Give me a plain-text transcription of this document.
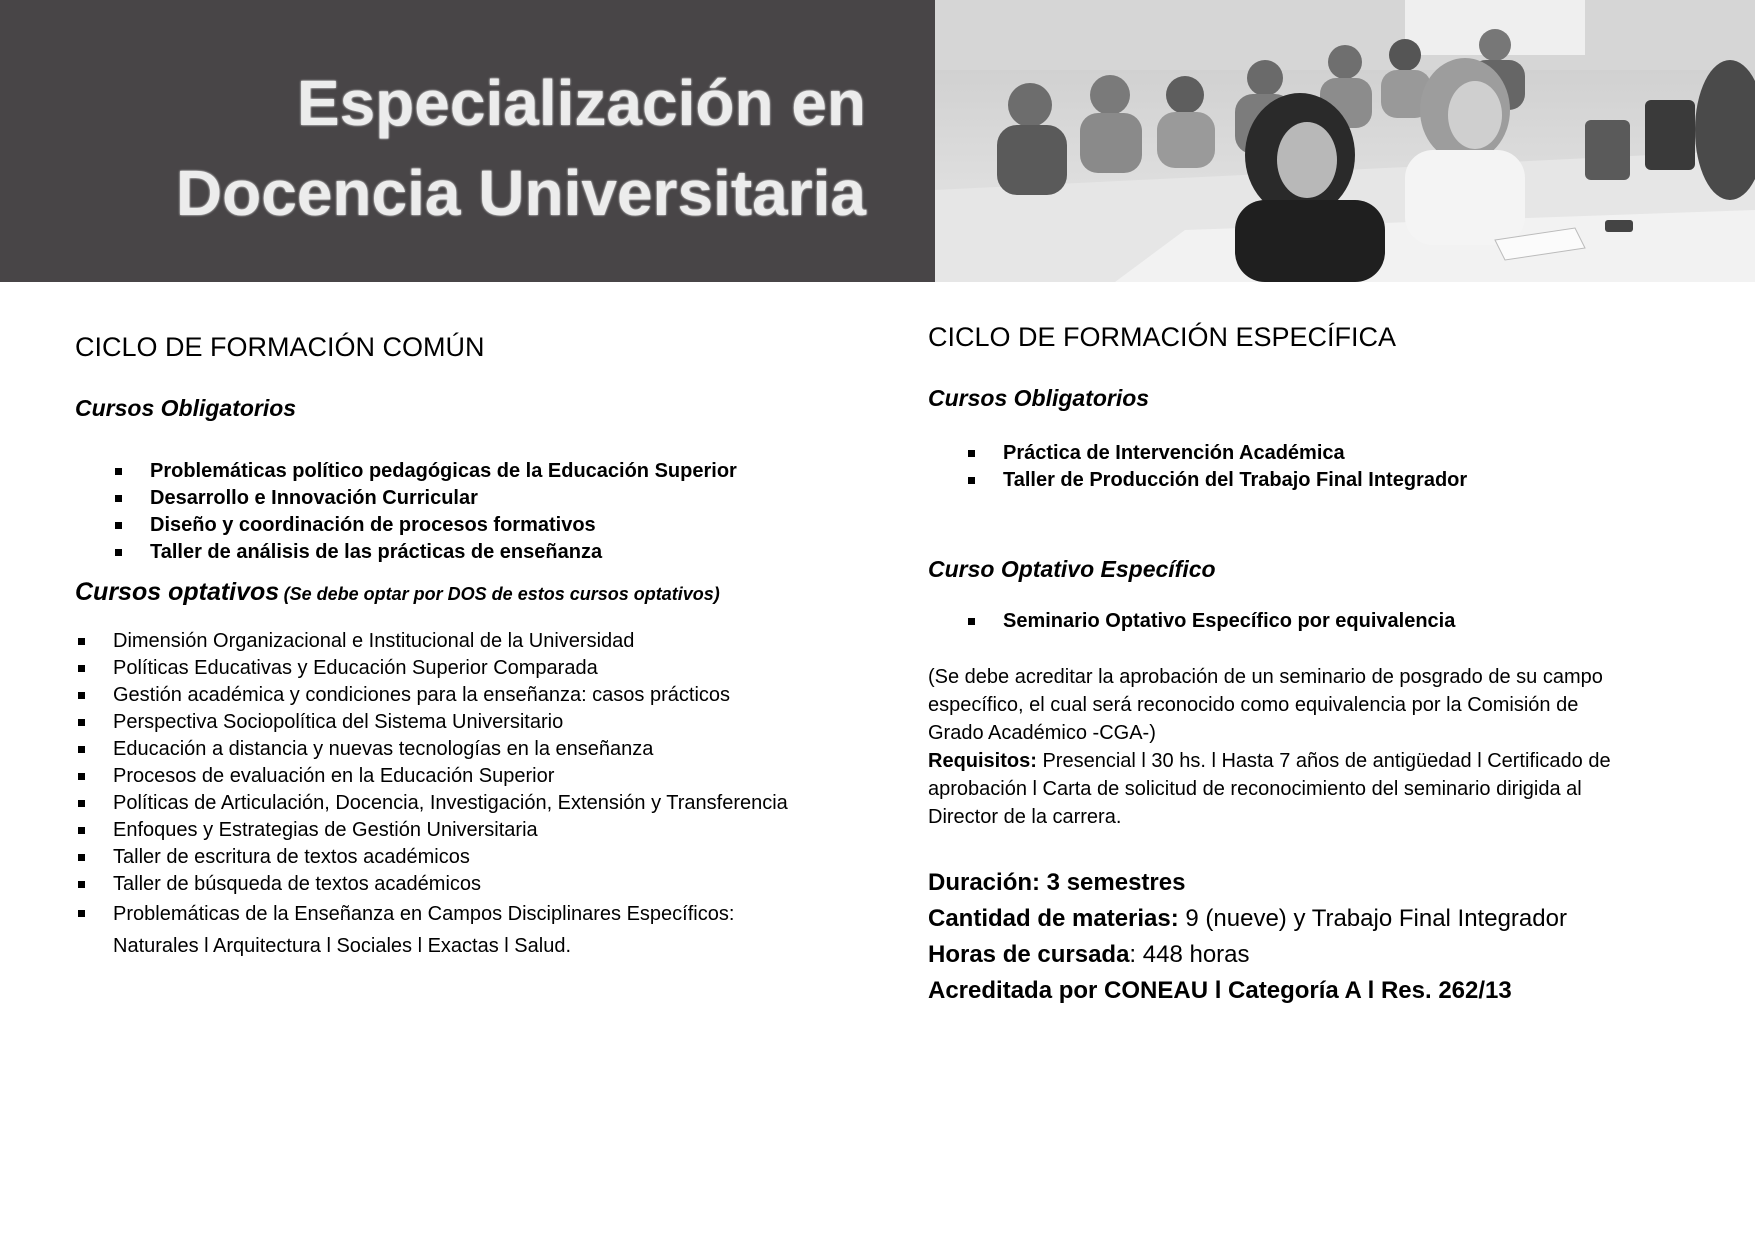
Especialización en
Docencia Universitaria
CICLO DE FORMACIÓN COMÚN
Cursos Obligatorios
Problemáticas político pedagógicas de la Educación Superior
Desarrollo e Innovación Curricular
Diseño y coordinación de procesos formativos
Taller de análisis de las prácticas de enseñanza
Cursos optativos (Se debe optar por DOS de estos cursos optativos)
Dimensión Organizacional e Institucional de la Universidad
Políticas Educativas y Educación Superior Comparada
Gestión académica y condiciones para la enseñanza: casos prácticos
Perspectiva Sociopolítica del Sistema Universitario
Educación a distancia y nuevas tecnologías en la enseñanza
Procesos de evaluación en la Educación Superior
Políticas de Articulación, Docencia, Investigación, Extensión y Transferencia
Enfoques y Estrategias de Gestión Universitaria
Taller de escritura de textos académicos
Taller de búsqueda de textos académicos
Problemáticas de la Enseñanza en Campos Disciplinares Específicos:
Naturales l Arquitectura l Sociales l Exactas l Salud.
CICLO DE FORMACIÓN ESPECÍFICA
Cursos Obligatorios
Práctica de Intervención Académica
Taller de Producción del Trabajo Final Integrador
Curso Optativo Específico
Seminario Optativo Específico por equivalencia

(Se debe acreditar la aprobación de un seminario de posgrado de su campo específico, el cual será reconocido como equivalencia por la Comisión de Grado Académico -CGA-)

Requisitos: Presencial l 30 hs. l Hasta 7 años de antigüedad l Certificado de aprobación l Carta de solicitud de reconocimiento del seminario dirigida al Director de la carrera.

Duración: 3 semestres

Cantidad de materias: 9 (nueve) y Trabajo Final Integrador

Horas de cursada: 448 horas

Acreditada por CONEAU l Categoría A l Res. 262/13
